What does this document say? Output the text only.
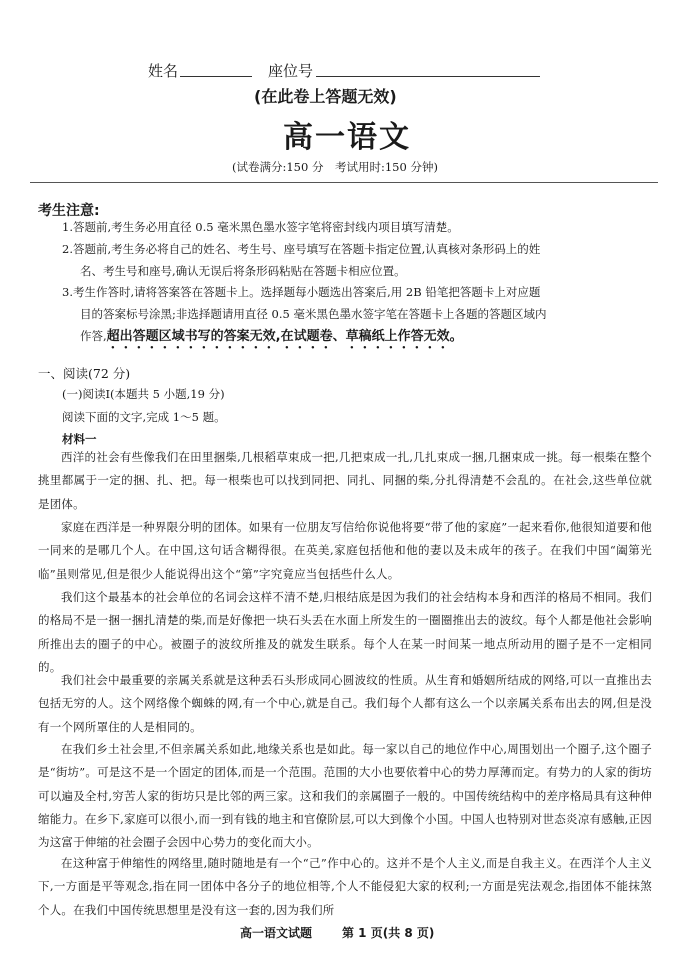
姓名	座位号
(在此卷上答题无效)
高一语文
(试卷满分:150 分　考试用时:150 分钟)
考生注意:
1.答题前,考生务必用直径 0.5 毫米黑色墨水签字笔将密封线内项目填写清楚。
2.答题前,考生务必将自己的姓名、考生号、座号填写在答题卡指定位置,认真核对条形码上的姓
名、考生号和座号,确认无误后将条形码粘贴在答题卡相应位置。
3.考生作答时,请将答案答在答题卡上。选择题每小题选出答案后,用 2B 铅笔把答题卡上对应题
目的答案标号涂黑;非选择题请用直径 0.5 毫米黑色墨水签字笔在答题卡上各题的答题区域内
作答,超出答题区域书写的答案无效,在试题卷、草稿纸上作答无效。
一、阅读(72 分)
(一)阅读Ⅰ(本题共 5 小题,19 分)
阅读下面的文字,完成 1～5 题。
材料一
西洋的社会有些像我们在田里捆柴,几根稻草束成一把,几把束成一扎,几扎束成一捆,几捆束成一挑。每一根柴在整个挑里都属于一定的捆、扎、把。每一根柴也可以找到同把、同扎、同捆的柴,分扎得清楚不会乱的。在社会,这些单位就是团体。
家庭在西洋是一种界限分明的团体。如果有一位朋友写信给你说他将要“带了他的家庭”一起来看你,他很知道要和他一同来的是哪几个人。在中国,这句话含糊得很。在英美,家庭包括他和他的妻以及未成年的孩子。在我们中国“阖第光临”虽则常见,但是很少人能说得出这个“第”字究竟应当包括些什么人。
我们这个最基本的社会单位的名词会这样不清不楚,归根结底是因为我们的社会结构本身和西洋的格局不相同。我们的格局不是一捆一捆扎清楚的柴,而是好像把一块石头丢在水面上所发生的一圈圈推出去的波纹。每个人都是他社会影响所推出去的圈子的中心。被圈子的波纹所推及的就发生联系。每个人在某一时间某一地点所动用的圈子是不一定相同的。
我们社会中最重要的亲属关系就是这种丢石头形成同心圆波纹的性质。从生育和婚姻所结成的网络,可以一直推出去包括无穷的人。这个网络像个蜘蛛的网,有一个中心,就是自己。我们每个人都有这么一个以亲属关系布出去的网,但是没有一个网所罩住的人是相同的。
在我们乡土社会里,不但亲属关系如此,地缘关系也是如此。每一家以自己的地位作中心,周围划出一个圈子,这个圈子是“街坊”。可是这不是一个固定的团体,而是一个范围。范围的大小也要依着中心的势力厚薄而定。有势力的人家的街坊可以遍及全村,穷苦人家的街坊只是比邻的两三家。这和我们的亲属圈子一般的。中国传统结构中的差序格局具有这种伸缩能力。在乡下,家庭可以很小,而一到有钱的地主和官僚阶层,可以大到像个小国。中国人也特别对世态炎凉有感触,正因为这富于伸缩的社会圈子会因中心势力的变化而大小。
在这种富于伸缩性的网络里,随时随地是有一个“己”作中心的。这并不是个人主义,而是自我主义。在西洋个人主义下,一方面是平等观念,指在同一团体中各分子的地位相等,个人不能侵犯大家的权利;一方面是宪法观念,指团体不能抹煞个人。在我们中国传统思想里是没有这一套的,因为我们所
高一语文试题 第 1 页(共 8 页)
